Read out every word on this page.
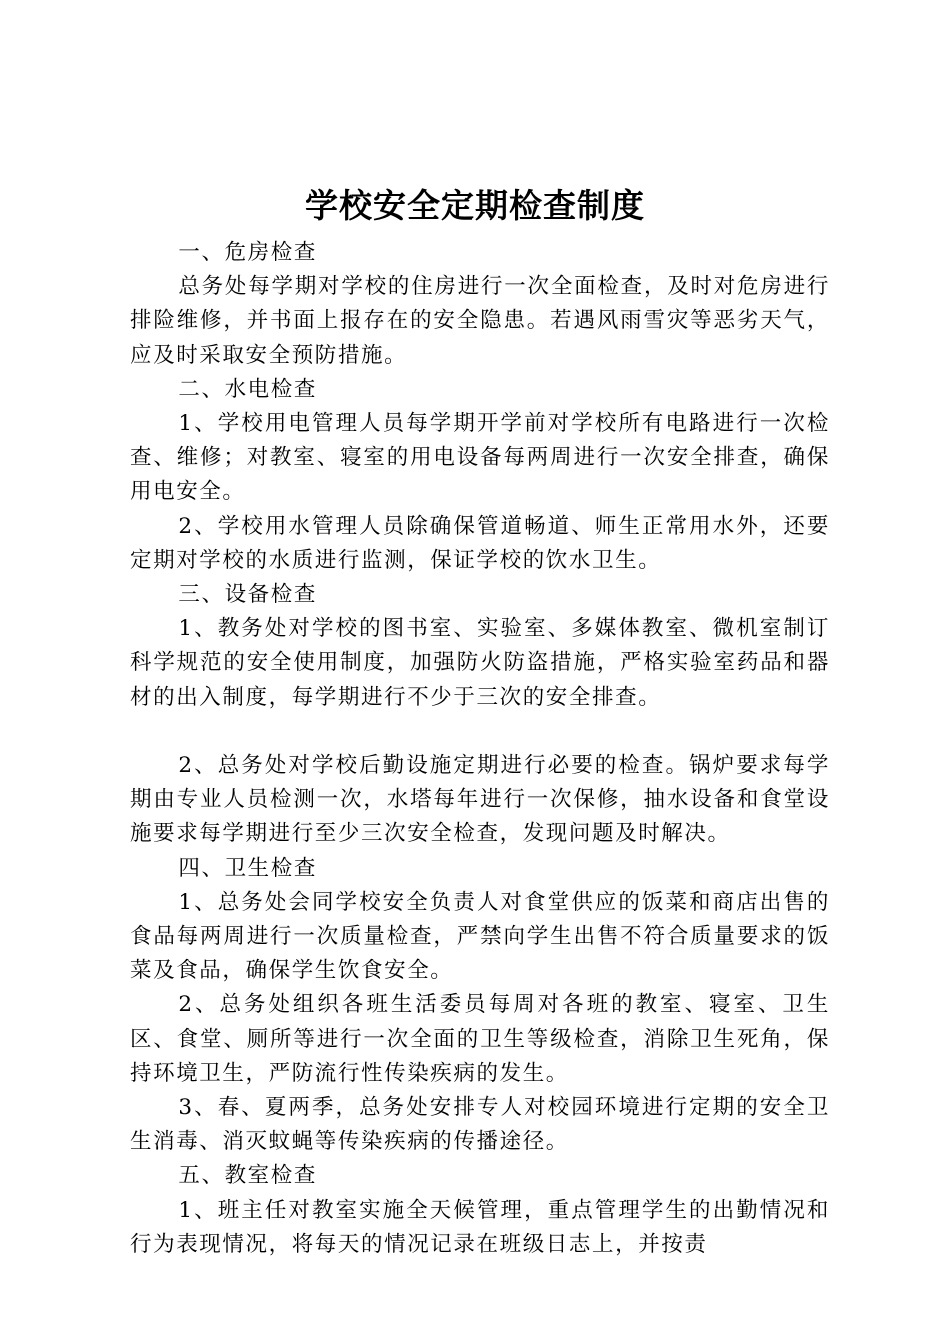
学校安全定期检查制度

一、危房检查

总务处每学期对学校的住房进行一次全面检查，及时对危房进行排险维修，并书面上报存在的安全隐患。若遇风雨雪灾等恶劣天气，应及时采取安全预防措施。

二、水电检查

1、学校用电管理人员每学期开学前对学校所有电路进行一次检查、维修；对教室、寝室的用电设备每两周进行一次安全排查，确保用电安全。

2、学校用水管理人员除确保管道畅道、师生正常用水外，还要定期对学校的水质进行监测，保证学校的饮水卫生。

三、设备检查

1、教务处对学校的图书室、实验室、多媒体教室、微机室制订科学规范的安全使用制度，加强防火防盗措施，严格实验室药品和器材的出入制度，每学期进行不少于三次的安全排查。

2、总务处对学校后勤设施定期进行必要的检查。锅炉要求每学期由专业人员检测一次，水塔每年进行一次保修，抽水设备和食堂设施要求每学期进行至少三次安全检查，发现问题及时解决。

四、卫生检查

1、总务处会同学校安全负责人对食堂供应的饭菜和商店出售的食品每两周进行一次质量检查，严禁向学生出售不符合质量要求的饭菜及食品，确保学生饮食安全。

2、总务处组织各班生活委员每周对各班的教室、寝室、卫生区、食堂、厕所等进行一次全面的卫生等级检查，消除卫生死角，保持环境卫生，严防流行性传染疾病的发生。

3、春、夏两季，总务处安排专人对校园环境进行定期的安全卫生消毒、消灭蚊蝇等传染疾病的传播途径。

五、教室检查

1、班主任对教室实施全天候管理，重点管理学生的出勤情况和行为表现情况，将每天的情况记录在班级日志上，并按责
